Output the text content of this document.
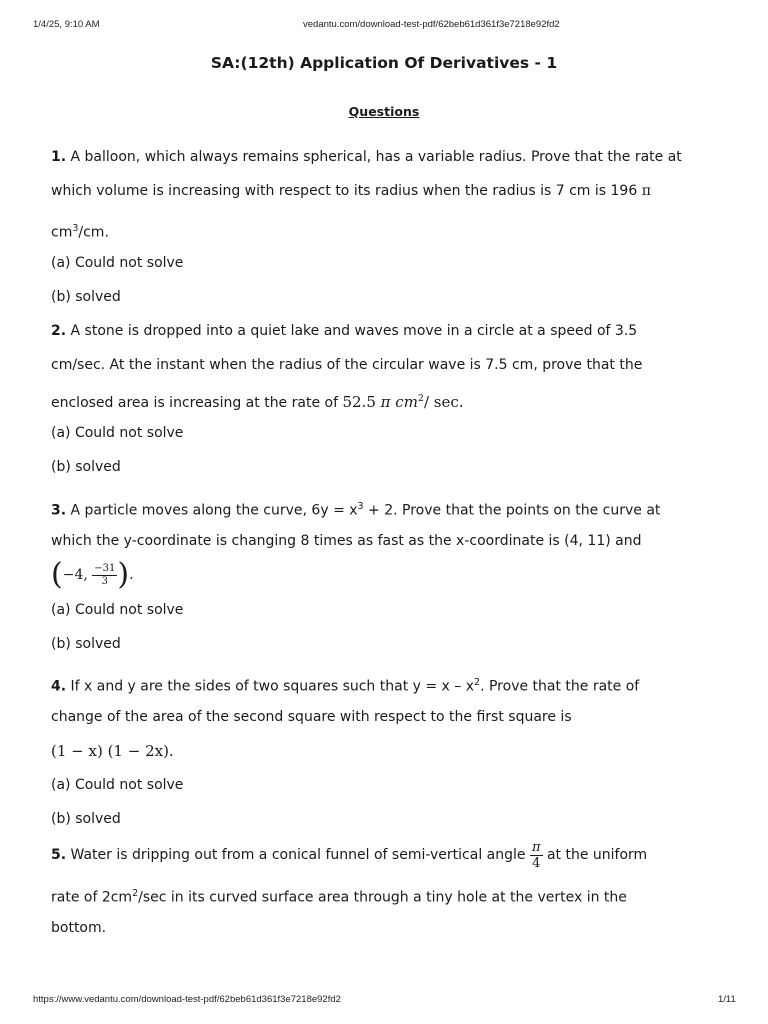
1/4/25, 9:10 AM	vedantu.com/download-test-pdf/62beb61d361f3e7218e92fd2
SA:(12th) Application Of Derivatives - 1
Questions
1. A balloon, which always remains spherical, has a variable radius. Prove that the rate at
which volume is increasing with respect to its radius when the radius is 7 cm is 196 π
$cm^3/cm$.
(a) Could not solve
(b) solved
2. A stone is dropped into a quiet lake and waves move in a circle at a speed of 3.5
cm/sec. At the instant when the radius of the circular wave is 7.5 cm, prove that the
enclosed area is increasing at the rate of 52.5 π $cm^2/$ sec.
(a) Could not solve
(b) solved
3. A particle moves along the curve, $6y = x^3 + 2$. Prove that the points on the curve at
which the y-coordinate is changing 8 times as fast as the x-coordinate is (4, 11) and
(−4, $\frac{-31}{3}$ ).
(a) Could not solve
(b) solved
4. If x and y are the sides of two squares such that $y = x - x^2$. Prove that the rate of
change of the area of the second square with respect to the first square is
(1 − x) (1 − 2x).
(a) Could not solve
(b) solved
5. Water is dripping out from a conical funnel of semi-vertical angle $\frac{\pi}{4}$ at the uniform
rate of $2cm^2/\sec$ in its curved surface area through a tiny hole at the vertex in the
bottom.
https://www.vedantu.com/download-test-pdf/62beb61d361f3e7218e92fd2	1/11
